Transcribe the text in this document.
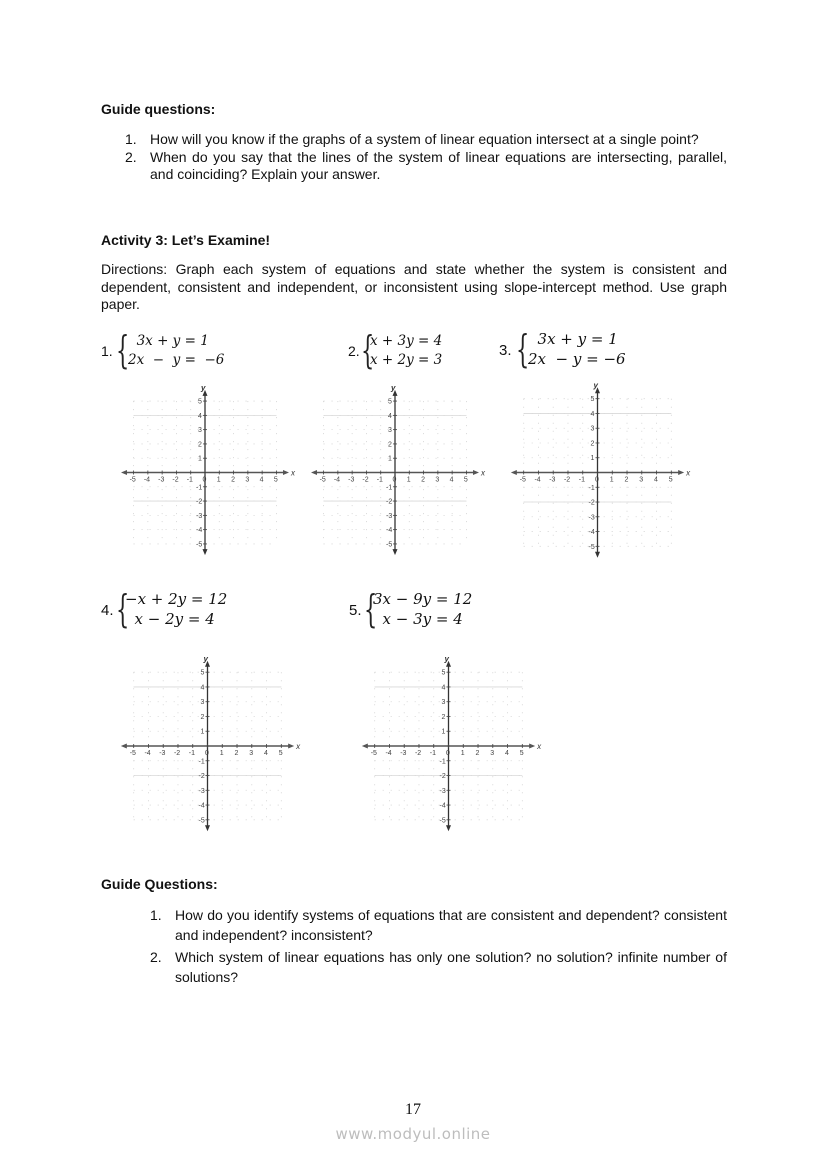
Guide questions:
1. How will you know if the graphs of a system of linear equation intersect at a single point?
2. When do you say that the lines of the system of linear equations are intersecting, parallel, and coinciding? Explain your answer.
Activity 3: Let’s Examine!
Directions: Graph each system of equations and state whether the system is consistent and dependent, consistent and independent, or inconsistent using slope-intercept method. Use graph paper.
1. {
3x + y = 1
2x  −  y =  −6
2. {
x + 3y = 4
x + 2y = 3
3. {
3x + y = 1
2x  − y = −6
4. {
−x + 2y = 12
x − 2y = 4	5. {
3x − 9y = 12
x − 3y = 4
x
y
-5 -4 -3 -2 -1 0 1 2 3 4 5
5
4
3
2
1
-1
-2
-3
-4
-5
x
y
-5 -4 -3 -2 -1 0 1 2 3 4 5
5
4
3
2
1
-1
-2
-3
-4
-5
x
y
-5 -4 -3 -2 -1 0 1 2 3 4 5
5
4
3
2
1
-1
-2
-3
-4
-5
x
y
-5 -4 -3 -2 -1 0 1 2 3 4 5
5
4
3
2
1
-1
-2
-3
-4
-5
x
y
-5 -4 -3 -2 -1 0 1 2 3 4 5
5
4
3
2
1
-1
-2
-3
-4
-5
Guide Questions:
1. How do you identify systems of equations that are consistent and dependent? consistent and independent? inconsistent?
2. Which system of linear equations has only one solution? no solution? infinite number of solutions?
17
www.modyul.online
